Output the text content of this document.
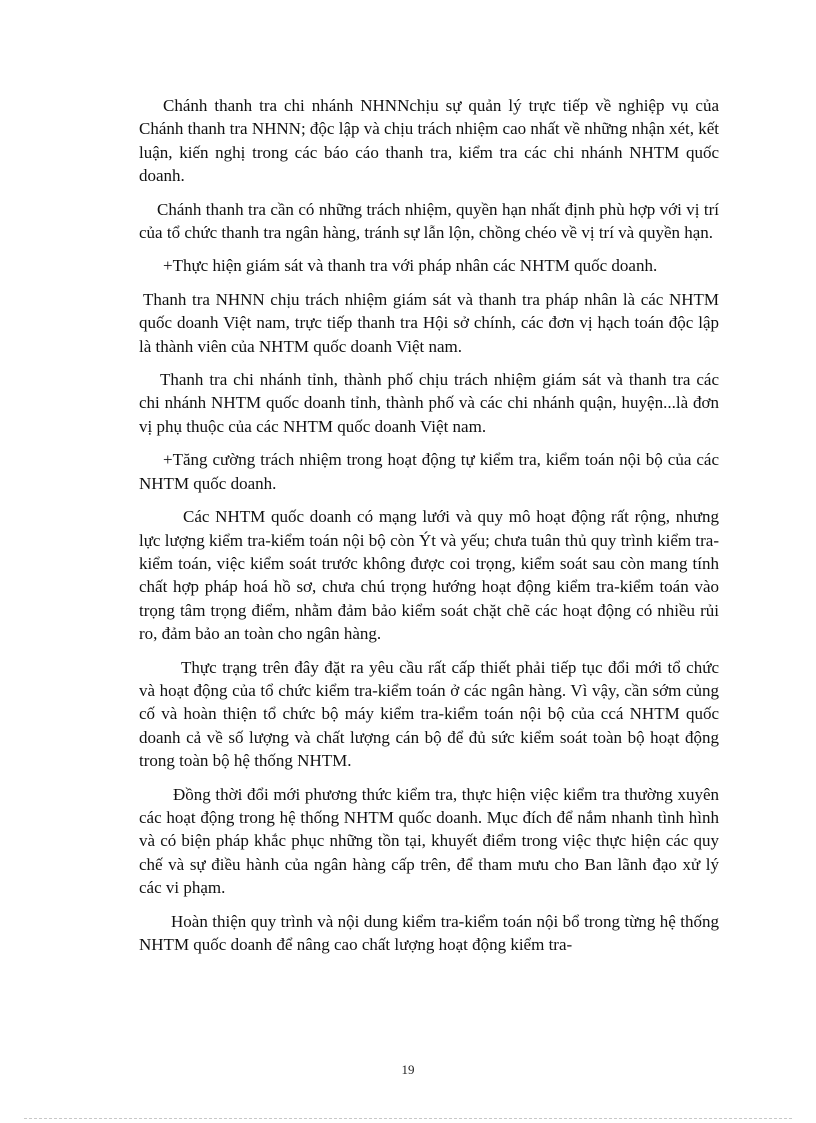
Chánh thanh tra chi nhánh NHNNchịu sự quản lý trực tiếp về nghiệp vụ của Chánh thanh tra NHNN; độc lập và chịu trách nhiệm cao nhất về những nhận xét, kết luận, kiến nghị trong các báo cáo thanh tra, kiểm tra các chi nhánh NHTM quốc doanh.

Chánh thanh tra cần có những trách nhiệm, quyền hạn nhất định phù hợp với vị trí của tổ chức thanh tra ngân hàng, tránh sự lẫn lộn, chồng chéo về vị trí và quyền hạn.

+Thực hiện giám sát và thanh tra với pháp nhân các NHTM quốc doanh.

Thanh tra NHNN chịu trách nhiệm giám sát và thanh tra pháp nhân là các NHTM quốc doanh Việt nam, trực tiếp thanh tra Hội sở chính, các đơn vị hạch toán độc lập là thành viên của NHTM quốc doanh Việt nam.

Thanh tra chi nhánh tỉnh, thành phố chịu trách nhiệm giám sát và thanh tra các chi nhánh NHTM quốc doanh tỉnh, thành phố và các chi nhánh quận, huyện...là đơn vị phụ thuộc của các NHTM quốc doanh Việt nam.

+Tăng cường trách nhiệm trong hoạt động tự kiểm tra, kiểm toán nội bộ của các NHTM quốc doanh.

Các NHTM quốc doanh có mạng lưới và quy mô hoạt động rất rộng, nhưng lực lượng kiểm tra-kiểm toán nội bộ còn Ýt và yếu; chưa tuân thủ quy trình kiểm tra-kiểm toán, việc kiểm soát trước không được coi trọng, kiểm soát sau còn mang tính chất hợp pháp hoá hồ sơ, chưa chú trọng hướng hoạt động kiểm tra-kiểm toán vào trọng tâm trọng điểm, nhằm đảm bảo kiểm soát chặt chẽ các hoạt động có nhiều rủi ro, đảm bảo an toàn cho ngân hàng.

Thực trạng trên đây đặt ra yêu cầu rất cấp thiết phải tiếp tục đổi mới tổ chức và hoạt động của tổ chức kiểm tra-kiểm toán ở các ngân hàng. Vì vậy, cần sớm củng cố và hoàn thiện tổ chức bộ máy kiểm tra-kiểm toán nội bộ của ccá NHTM quốc doanh cả về số lượng và chất lượng cán bộ để đủ sức kiểm soát toàn bộ hoạt động trong toàn bộ hệ thống NHTM.

Đồng thời đổi mới phương thức kiểm tra, thực hiện việc kiểm tra thường xuyên các hoạt động trong hệ thống NHTM quốc doanh. Mục đích để nắm nhanh tình hình và có biện pháp khắc phục những tồn tại, khuyết điểm trong việc thực hiện các quy chế và sự điều hành của ngân hàng cấp trên, để tham mưu cho Ban lãnh đạo xử lý các vi phạm.

Hoàn thiện quy trình và nội dung kiểm tra-kiểm toán nội bổ trong từng hệ thống NHTM quốc doanh để nâng cao chất lượng hoạt động kiểm tra-

19
